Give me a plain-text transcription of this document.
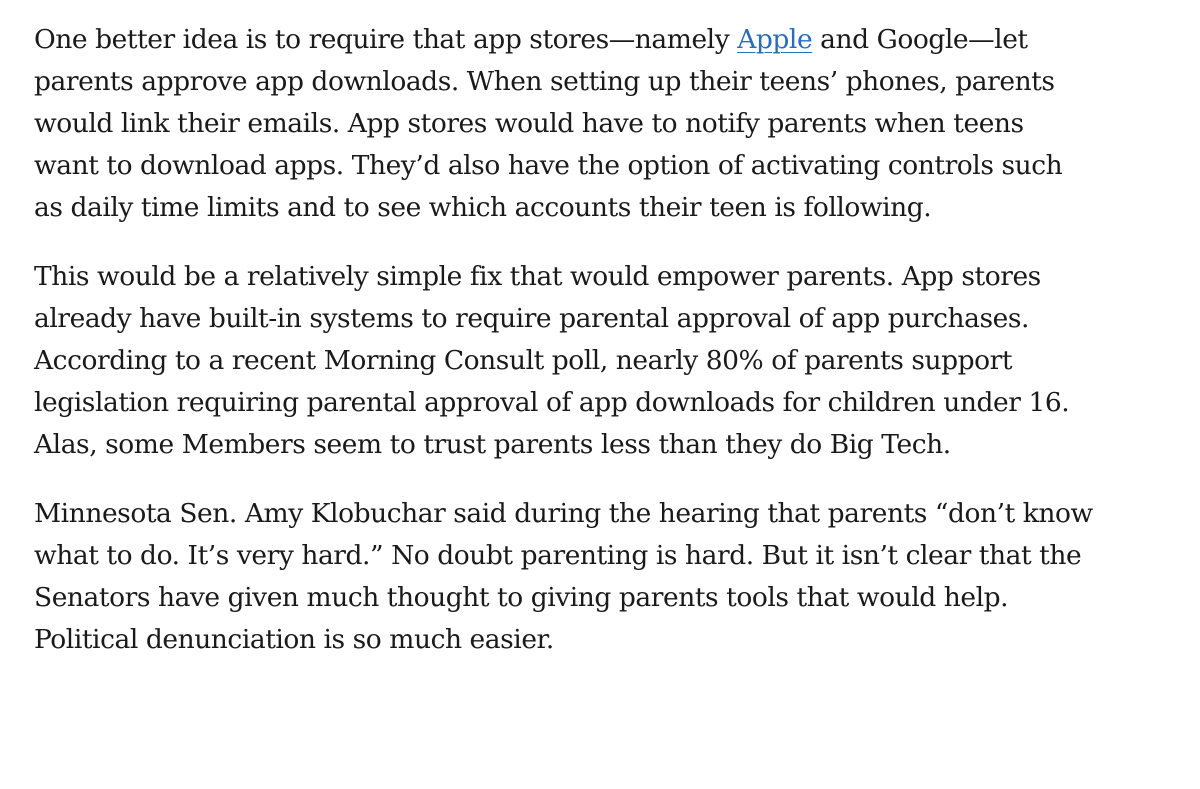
One better idea is to require that app stores—namely Apple and Google—let
parents approve app downloads. When setting up their teens’ phones, parents
would link their emails. App stores would have to notify parents when teens
want to download apps. They’d also have the option of activating controls such
as daily time limits and to see which accounts their teen is following.

This would be a relatively simple fix that would empower parents. App stores
already have built-in systems to require parental approval of app purchases.
According to a recent Morning Consult poll, nearly 80% of parents support
legislation requiring parental approval of app downloads for children under 16.
Alas, some Members seem to trust parents less than they do Big Tech.

Minnesota Sen. Amy Klobuchar said during the hearing that parents “don’t know
what to do. It’s very hard.” No doubt parenting is hard. But it isn’t clear that the
Senators have given much thought to giving parents tools that would help.
Political denunciation is so much easier.
